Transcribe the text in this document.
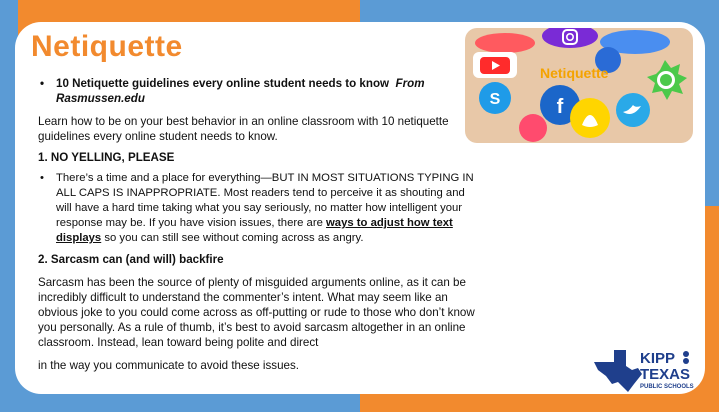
Netiquette
•	10 Netiquette guidelines every online student needs to know From Rasmussen.edu

Learn how to be on your best behavior in an online classroom with 10 netiquette guidelines every online student needs to know.

1. NO YELLING, PLEASE

•	There’s a time and a place for everything—BUT IN MOST SITUATIONS TYPING IN ALL CAPS IS INAPPROPRIATE. Most readers tend to perceive it as shouting and will have a hard time taking what you say seriously, no matter how intelligent your response may be. If you have vision issues, there are ways to adjust how text displays so you can still see without coming across as angry.

2. Sarcasm can (and will) backfire

Sarcasm has been the source of plenty of misguided arguments online, as it can be incredibly difficult to understand the commenter’s intent. What may seem like an obvious joke to you could come across as off-putting or rude to those who don’t know you personally. As a rule of thumb, it’s best to avoid sarcasm altogether in an online classroom. Instead, lean toward being polite and direct
in the way you communicate to avoid these issues.

S	f
Netiquette
KIPP
TEXAS
PUBLIC SCHOOLS
